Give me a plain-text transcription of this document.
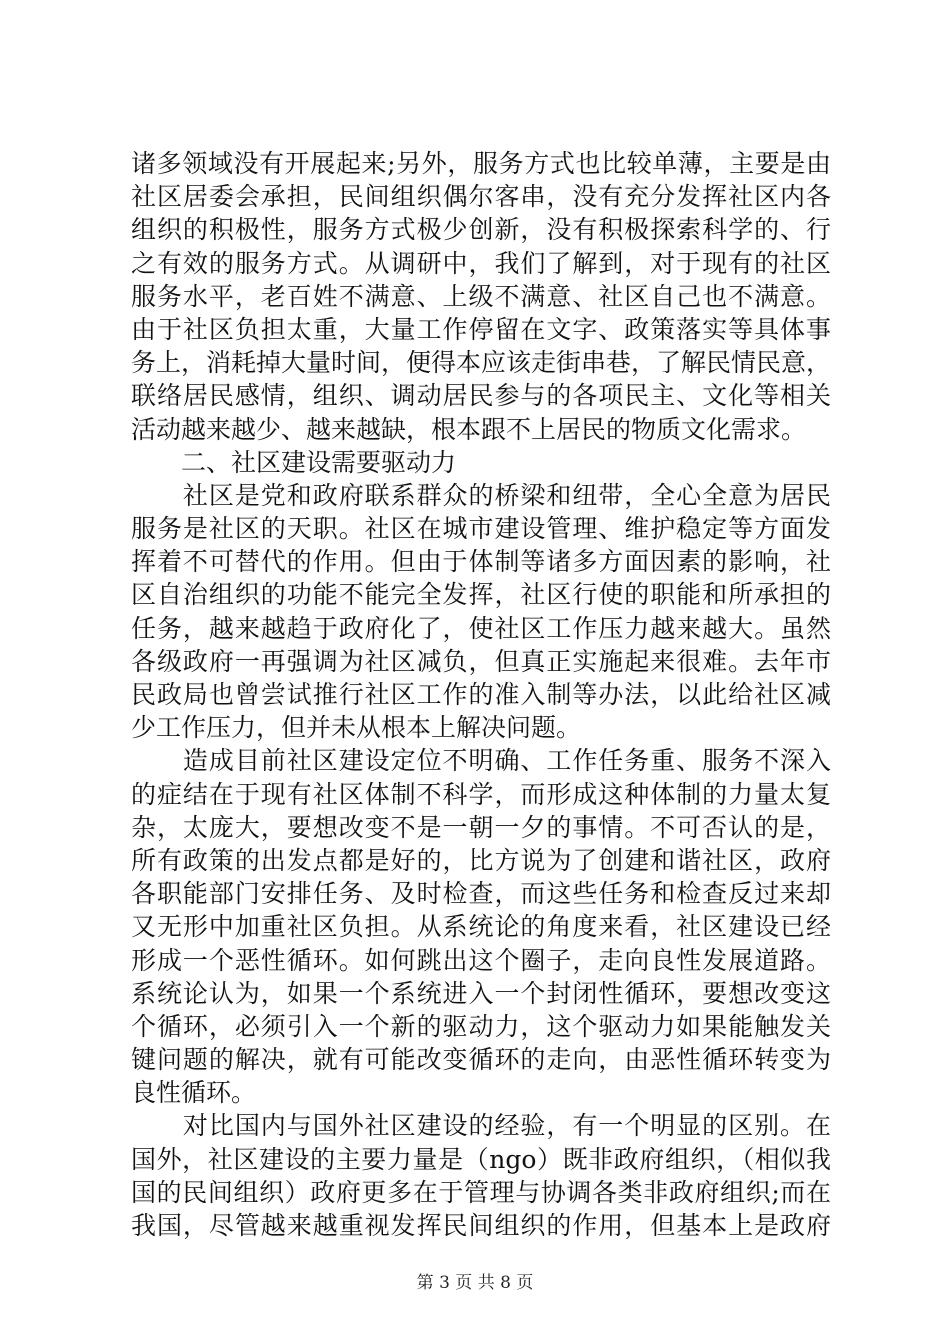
诸多领域没有开展起来;另外，服务方式也比较单薄，主要是由
社区居委会承担，民间组织偶尔客串，没有充分发挥社区内各
组织的积极性，服务方式极少创新，没有积极探索科学的、行
之有效的服务方式。从调研中，我们了解到，对于现有的社区
服务水平，老百姓不满意、上级不满意、社区自己也不满意。
由于社区负担太重，大量工作停留在文字、政策落实等具体事
务上，消耗掉大量时间，便得本应该走街串巷，了解民情民意，
联络居民感情，组织、调动居民参与的各项民主、文化等相关
活动越来越少、越来越缺，根本跟不上居民的物质文化需求。
　　二、社区建设需要驱动力
　　社区是党和政府联系群众的桥梁和纽带，全心全意为居民
服务是社区的天职。社区在城市建设管理、维护稳定等方面发
挥着不可替代的作用。但由于体制等诸多方面因素的影响，社
区自治组织的功能不能完全发挥，社区行使的职能和所承担的
任务，越来越趋于政府化了，使社区工作压力越来越大。虽然
各级政府一再强调为社区减负，但真正实施起来很难。去年市
民政局也曾尝试推行社区工作的准入制等办法，以此给社区减
少工作压力，但并未从根本上解决问题。
　　造成目前社区建设定位不明确、工作任务重、服务不深入
的症结在于现有社区体制不科学，而形成这种体制的力量太复
杂，太庞大，要想改变不是一朝一夕的事情。不可否认的是，
所有政策的出发点都是好的，比方说为了创建和谐社区，政府
各职能部门安排任务、及时检查，而这些任务和检查反过来却
又无形中加重社区负担。从系统论的角度来看，社区建设已经
形成一个恶性循环。如何跳出这个圈子，走向良性发展道路。
系统论认为，如果一个系统进入一个封闭性循环，要想改变这
个循环，必须引入一个新的驱动力，这个驱动力如果能触发关
键问题的解决，就有可能改变循环的走向，由恶性循环转变为
良性循环。
　　对比国内与国外社区建设的经验，有一个明显的区别。在
国外，社区建设的主要力量是（ngo）既非政府组织，（相似我
国的民间组织）政府更多在于管理与协调各类非政府组织;而在
我国，尽管越来越重视发挥民间组织的作用，但基本上是政府
第 3 页 共 8 页
